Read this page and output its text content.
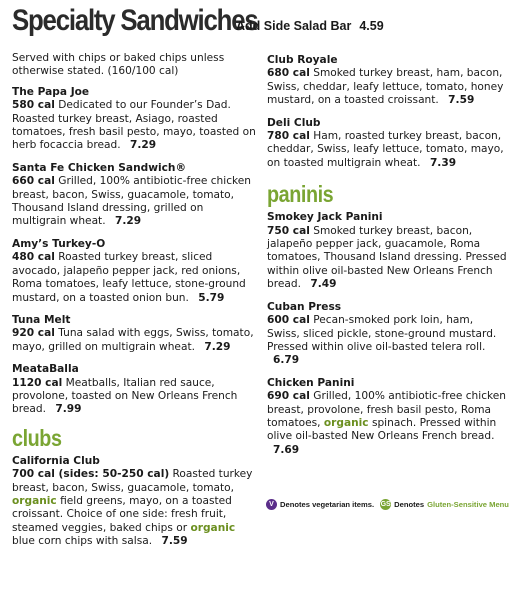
Specialty Sandwiches
Add Side Salad Bar 4.59
Served with chips or baked chips unless otherwise stated. (160/100 cal)
The Papa Joe
580 cal Dedicated to our Founder’s Dad. Roasted turkey breast, Asiago, roasted tomatoes, fresh basil pesto, mayo, toasted on herb focaccia bread. 7.29
Santa Fe Chicken Sandwich®
660 cal Grilled, 100% antibiotic-free chicken breast, bacon, Swiss, guacamole, tomato, Thousand Island dressing, grilled on multigrain wheat. 7.29
Amy’s Turkey-O
480 cal Roasted turkey breast, sliced avocado, jalapeño pepper jack, red onions, Roma tomatoes, leafy lettuce, stone-ground mustard, on a toasted onion bun. 5.79
Tuna Melt
920 cal Tuna salad with eggs, Swiss, tomato, mayo, grilled on multigrain wheat. 7.29
MeataBalla
1120 cal Meatballs, Italian red sauce, provolone, toasted on New Orleans French bread. 7.99
clubs
California Club
700 cal (sides: 50-250 cal) Roasted turkey breast, bacon, Swiss, guacamole, tomato, organic field greens, mayo, on a toasted croissant. Choice of one side: fresh fruit, steamed veggies, baked chips or organic blue corn chips with salsa. 7.59
Club Royale
680 cal Smoked turkey breast, ham, bacon, Swiss, cheddar, leafy lettuce, tomato, honey mustard, on a toasted croissant. 7.59
Deli Club
780 cal Ham, roasted turkey breast, bacon, cheddar, Swiss, leafy lettuce, tomato, mayo, on toasted multigrain wheat. 7.39
paninis
Smokey Jack Panini
750 cal Smoked turkey breast, bacon, jalapeño pepper jack, guacamole, Roma tomatoes, Thousand Island dressing. Pressed within olive oil-basted New Orleans French bread. 7.49
Cuban Press
600 cal Pecan-smoked pork loin, ham, Swiss, sliced pickle, stone-ground mustard. Pressed within olive oil-basted telera roll. 6.79
Chicken Panini
690 cal Grilled, 100% antibiotic-free chicken breast, provolone, fresh basil pesto, Roma tomatoes, organic spinach. Pressed within olive oil-basted New Orleans French bread. 7.69
V Denotes vegetarian items. GS Denotes Gluten-Sensitive Menu
